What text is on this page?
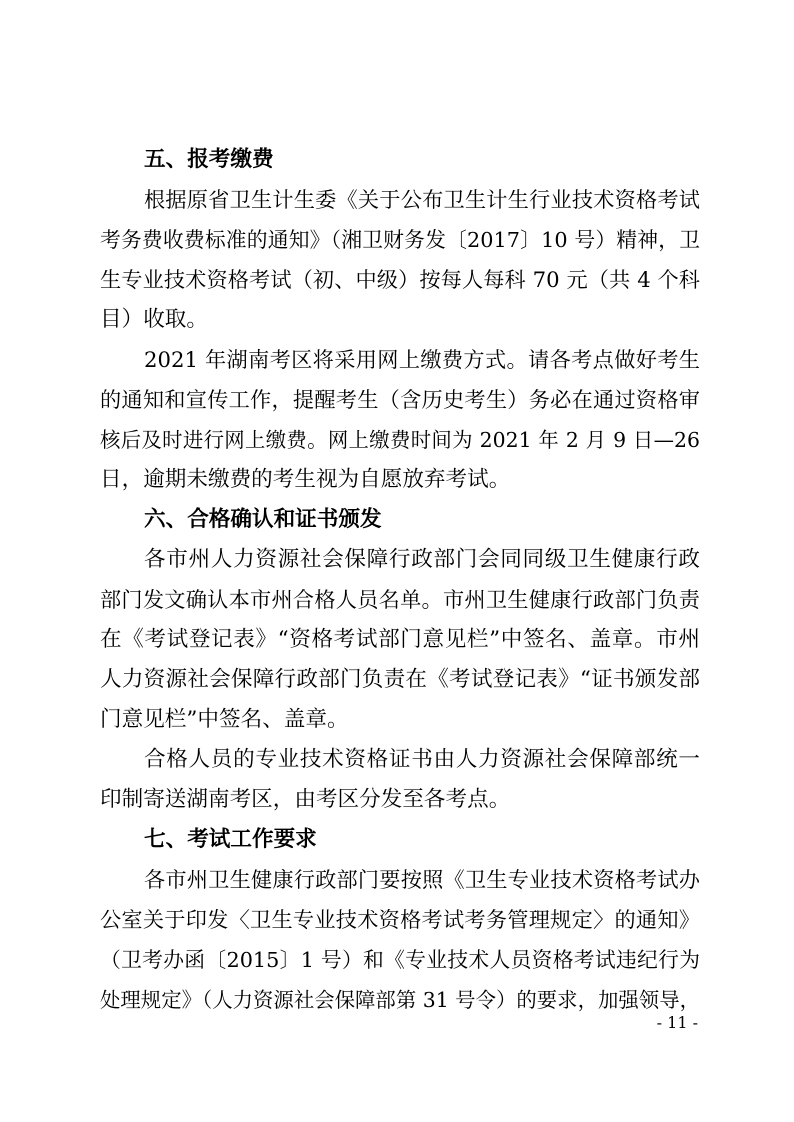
五、报考缴费
根据原省卫生计生委《关于公布卫生计生行业技术资格考试
考务费收费标准的通知》（湘卫财务发〔2017〕10 号）精神，卫
生专业技术资格考试（初、中级）按每人每科 70 元（共 4 个科
目）收取。
2021 年湖南考区将采用网上缴费方式。请各考点做好考生
的通知和宣传工作，提醒考生（含历史考生）务必在通过资格审
核后及时进行网上缴费。网上缴费时间为 2021 年 2 月 9 日—26
日，逾期未缴费的考生视为自愿放弃考试。
六、合格确认和证书颁发
各市州人力资源社会保障行政部门会同同级卫生健康行政
部门发文确认本市州合格人员名单。市州卫生健康行政部门负责
在《考试登记表》“资格考试部门意见栏”中签名、盖章。市州
人力资源社会保障行政部门负责在《考试登记表》“证书颁发部
门意见栏”中签名、盖章。
合格人员的专业技术资格证书由人力资源社会保障部统一
印制寄送湖南考区，由考区分发至各考点。
七、考试工作要求
各市州卫生健康行政部门要按照《卫生专业技术资格考试办
公室关于印发〈卫生专业技术资格考试考务管理规定〉的通知》
（卫考办函〔2015〕1 号）和《专业技术人员资格考试违纪行为
处理规定》（人力资源社会保障部第 31 号令）的要求，加强领导，
- 11 -
